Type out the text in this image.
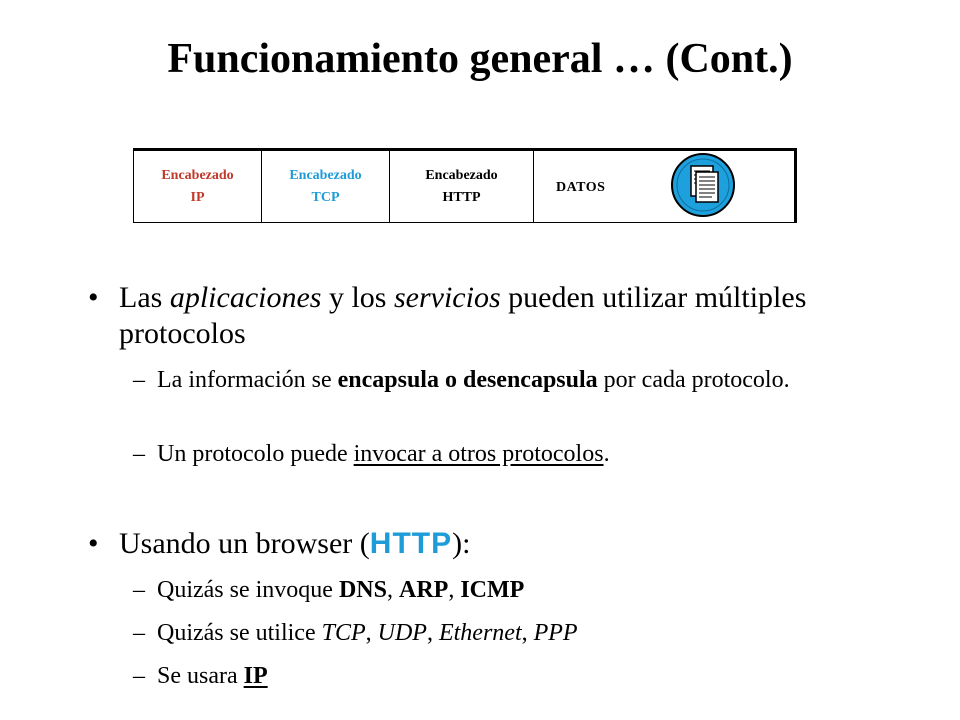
Funcionamiento general … (Cont.)
Encabezado
IP
Encabezado
TCP
Encabezado
HTTP
DATOS
• Las aplicaciones y los servicios pueden utilizar múltiples protocolos
– La información se encapsula o desencapsula por cada protocolo.
– Un protocolo puede invocar a otros protocolos.
• Usando un browser (HTTP):
– Quizás se invoque DNS, ARP, ICMP
– Quizás se utilice TCP, UDP, Ethernet, PPP
– Se usara IP
